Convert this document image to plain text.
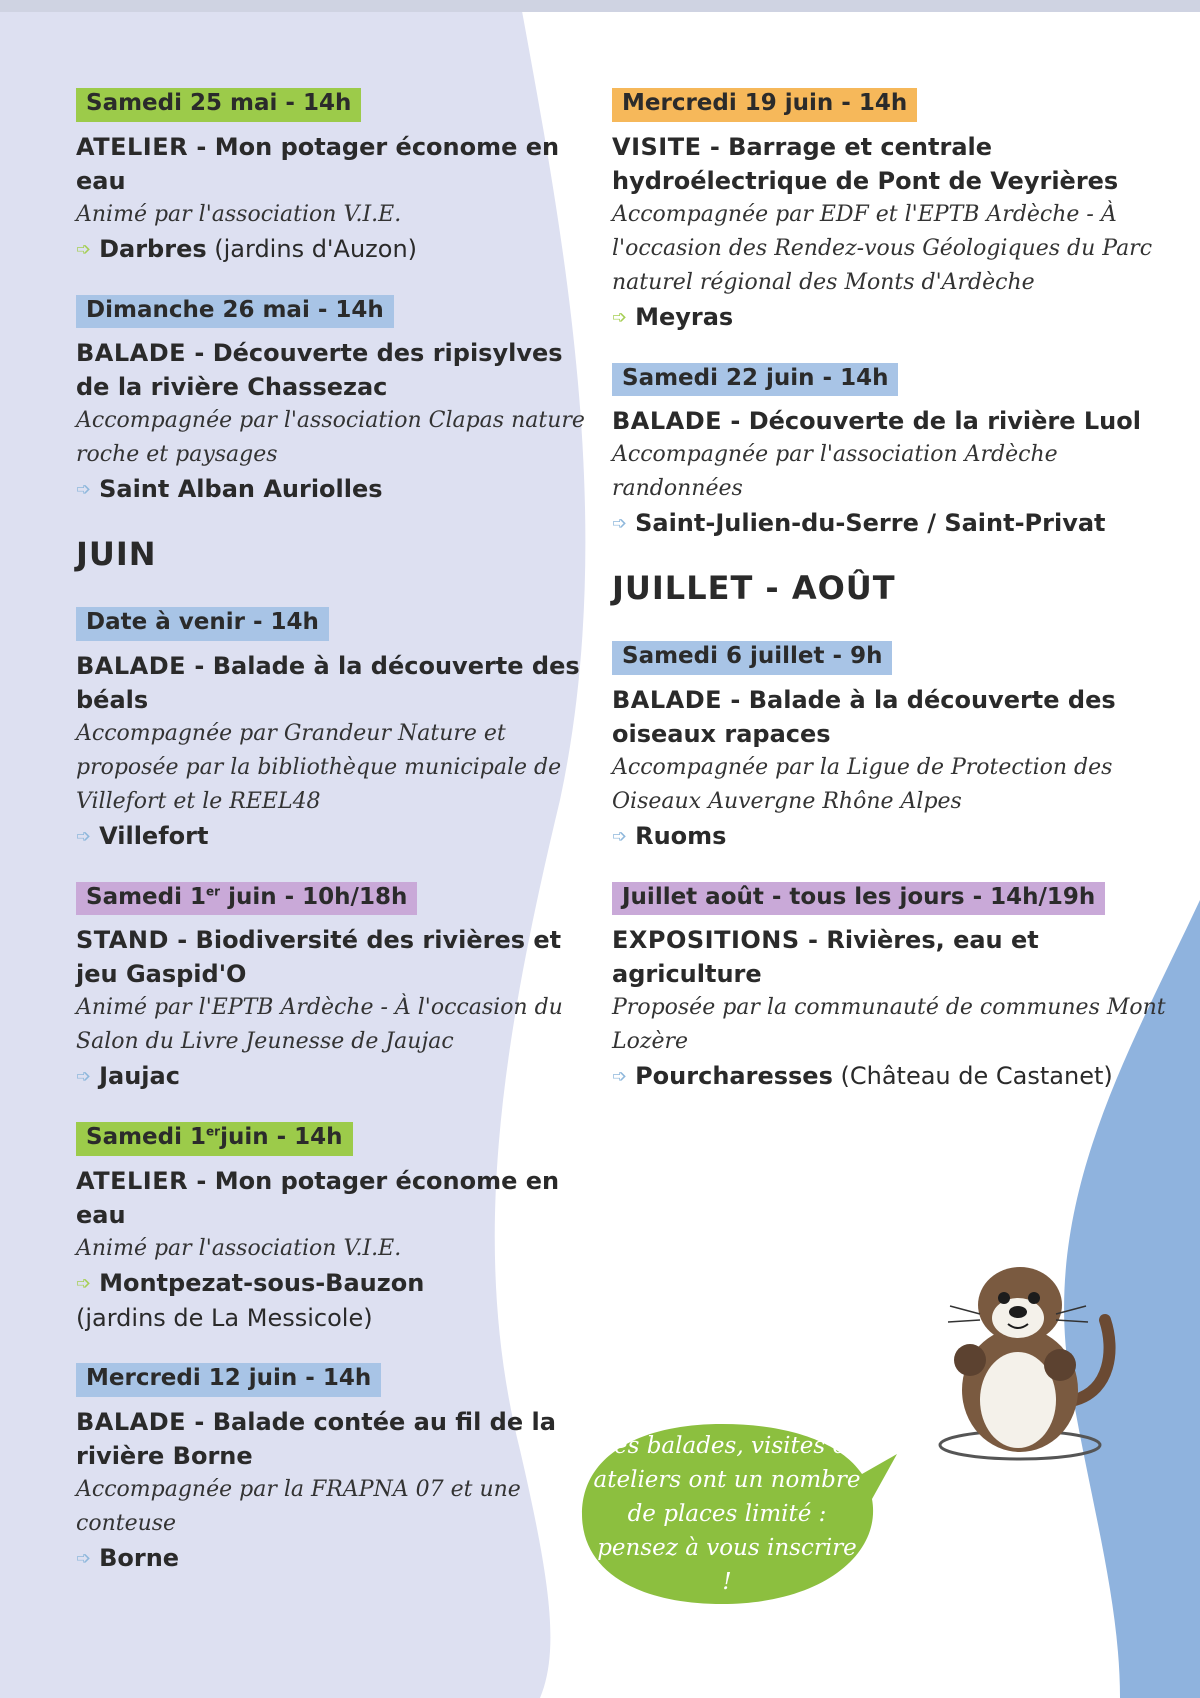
Samedi 25 mai - 14h
ATELIER - Mon potager économe en eau
Animé par l'association V.I.E.
➩ Darbres (jardins d'Auzon)
Dimanche 26 mai - 14h
BALADE - Découverte des ripisylves de la rivière Chassezac
Accompagnée par l'association Clapas nature roche et paysages
➩ Saint Alban Auriolles
JUIN
Date à venir - 14h
BALADE - Balade à la découverte des béals
Accompagnée par Grandeur Nature et proposée par la bibliothèque municipale de Villefort et le REEL48
➩ Villefort
Samedi 1er juin - 10h/18h
STAND - Biodiversité des rivières et jeu Gaspid'O
Animé par l'EPTB Ardèche - À l'occasion du Salon du Livre Jeunesse de Jaujac
➩ Jaujac
Samedi 1erjuin - 14h
ATELIER - Mon potager économe en eau
Animé par l'association V.I.E.
➩ Montpezat-sous-Bauzon
(jardins de La Messicole)
Mercredi 12 juin - 14h
BALADE - Balade contée au fil de la rivière Borne
Accompagnée par la FRAPNA 07 et une conteuse
➩ Borne
Mercredi 19 juin - 14h
VISITE - Barrage et centrale hydroélectrique de Pont de Veyrières
Accompagnée par EDF et l'EPTB Ardèche - À l'occasion des Rendez-vous Géologiques du Parc naturel régional des Monts d'Ardèche
➩ Meyras
Samedi 22 juin - 14h
BALADE - Découverte de la rivière Luol
Accompagnée par l'association Ardèche randonnées
➩ Saint-Julien-du-Serre / Saint-Privat
JUILLET - AOÛT
Samedi 6 juillet - 9h
BALADE - Balade à la découverte des oiseaux rapaces
Accompagnée par la Ligue de Protection des Oiseaux Auvergne Rhône Alpes
➩ Ruoms
Juillet août - tous les jours - 14h/19h
EXPOSITIONS - Rivières, eau et agriculture
Proposée par la communauté de communes Mont Lozère
➩ Pourcharesses (Château de Castanet)
Les balades, visites et ateliers ont un nombre de places limité : pensez à vous inscrire !
